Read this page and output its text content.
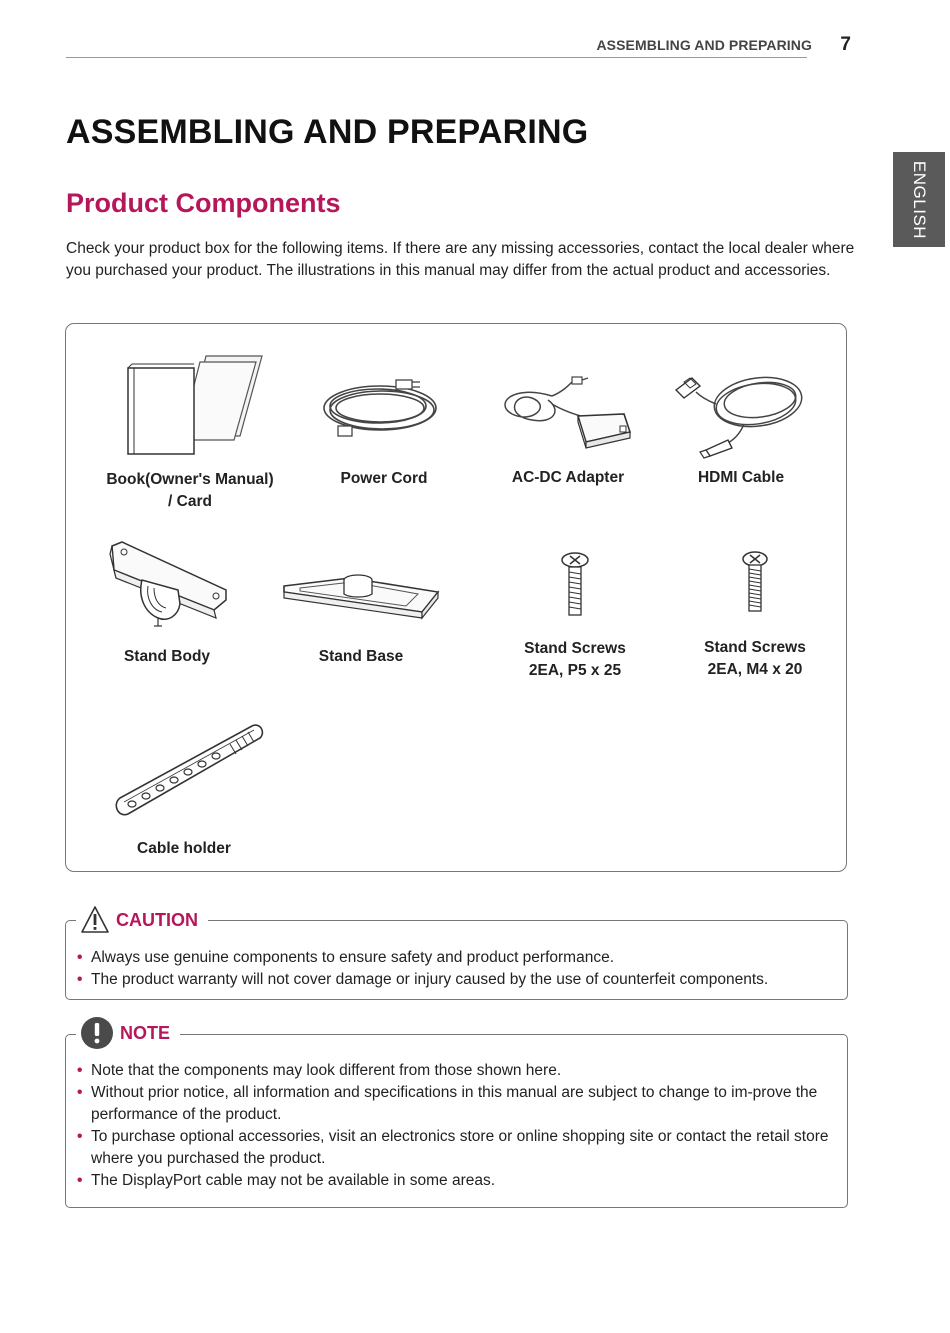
ASSEMBLING AND PREPARING 7
ENGLISH
ASSEMBLING AND PREPARING
Product Components

Check your product box for the following items. If there are any missing accessories, contact the local dealer where you purchased your product. The illustrations in this manual may differ from the actual product and accessories.

Book(Owner's Manual)
/ Card
Power Cord	AC-DC Adapter	HDMI Cable
Stand Body	Stand Base	Stand Screws
2EA, P5 x 25
Stand Screws
2EA, M4 x 20
Cable holder
CAUTION
• Always use genuine components to ensure safety and product performance.
• The product warranty will not cover damage or injury caused by the use of counterfeit components.
NOTE
• Note that the components may look different from those shown here.
• Without prior notice, all information and specifications in this manual are subject to change to im-prove the performance of the product.
• To purchase optional accessories, visit an electronics store or online shopping site or contact the retail store where you purchased the product.
• The DisplayPort cable may not be available in some areas.
